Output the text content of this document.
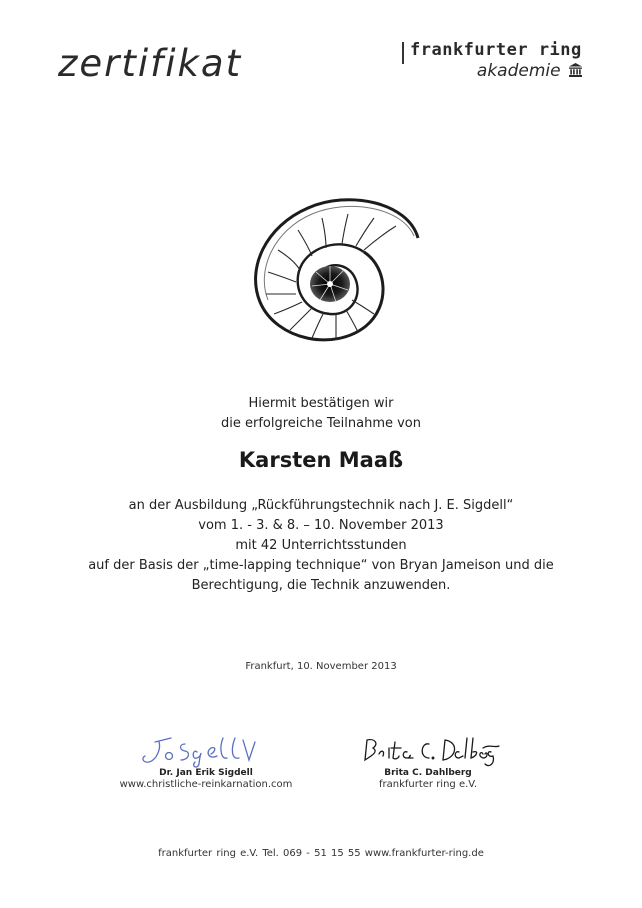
zertifikat	frankfurter ring
akademie
Hiermit bestätigen wir
die erfolgreiche Teilnahme von
Karsten Maaß
an der Ausbildung „Rückführungstechnik nach J. E. Sigdell“
vom 1. - 3. & 8. – 10. November 2013
mit 42 Unterrichtsstunden
auf der Basis der „time-lapping technique“ von Bryan Jameison und die
Berechtigung, die Technik anzuwenden.
Frankfurt, 10. November 2013
Dr. Jan Erik Sigdell
www.christliche-reinkarnation.com
Brita C. Dahlberg
frankfurter ring e.V.
frankfurter ring e.V. Tel. 069 - 51 15 55 www.frankfurter-ring.de
